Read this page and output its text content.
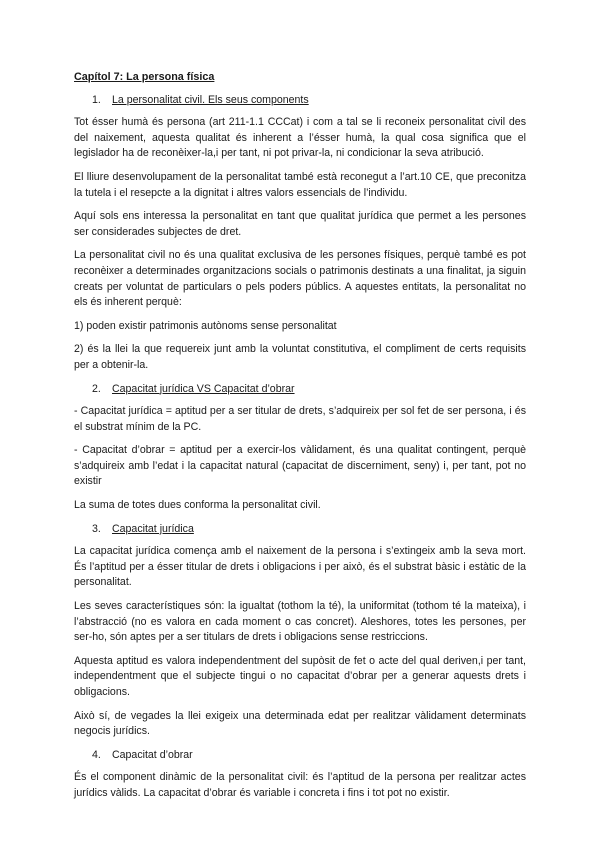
Capítol 7: La persona física
1.	La personalitat civil. Els seus components

Tot ésser humà és persona (art 211-1.1 CCCat) i com a tal se li reconeix personalitat civil des del naixement, aquesta qualitat és inherent a l’ésser humà, la qual cosa significa que el legislador ha de reconèixer-la,i per tant, ni pot privar-la, ni condicionar la seva atribució.

El lliure desenvolupament de la personalitat també està reconegut a l’art.10 CE, que preconitza la tutela i el resepcte a la dignitat i altres valors essencials de l’individu.

Aquí sols ens interessa la personalitat en tant que qualitat jurídica que permet a les persones ser considerades subjectes de dret.

La personalitat civil no és una qualitat exclusiva de les persones físiques, perquè també es pot reconèixer a determinades organitzacions socials o patrimonis destinats a una finalitat, ja siguin creats per voluntat de particulars o pels poders públics. A aquestes entitats, la personalitat no els és inherent perquè:

1) poden existir patrimonis autònoms sense personalitat

2) és la llei la que requereix junt amb la voluntat constitutiva, el compliment de certs requisits per a obtenir-la.

2.	Capacitat jurídica VS Capacitat d’obrar

- Capacitat jurídica = aptitud per a ser titular de drets, s’adquireix per sol fet de ser persona, i és el substrat mínim de la PC.

- Capacitat d’obrar = aptitud per a exercir-los vàlidament, és una qualitat contingent, perquè s’adquireix amb l’edat i la capacitat natural (capacitat de discerniment, seny) i, per tant, pot no existir

La suma de totes dues conforma la personalitat civil.

3.	Capacitat jurídica

La capacitat jurídica comença amb el naixement de la persona i s’extingeix amb la seva mort. És l’aptitud per a ésser titular de drets i obligacions i per això, és el substrat bàsic i estàtic de la personalitat.

Les seves característiques són: la igualtat (tothom la té), la uniformitat (tothom té la mateixa), i l’abstracció (no es valora en cada moment o cas concret). Aleshores, totes les persones, per ser-ho, són aptes per a ser titulars de drets i obligacions sense restriccions.

Aquesta aptitud es valora independentment del supòsit de fet o acte del qual deriven,i per tant, independentment que el subjecte tingui o no capacitat d’obrar per a generar aquests drets i obligacions.

Això sí, de vegades la llei exigeix una determinada edat per realitzar vàlidament determinats negocis jurídics.

4.	Capacitat d’obrar

És el component dinàmic de la personalitat civil: és l’aptitud de la persona per realitzar actes jurídics vàlids. La capacitat d’obrar és variable i concreta i fins i tot pot no existir.
